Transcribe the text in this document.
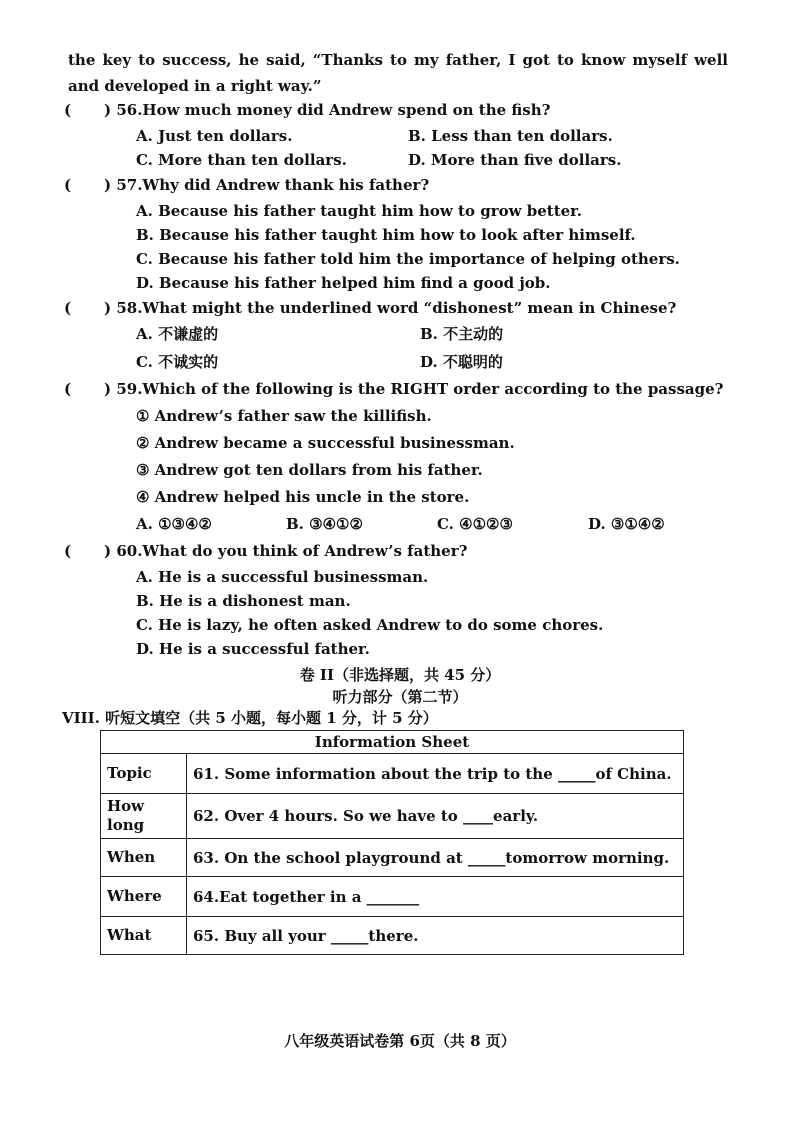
the key to success, he said, “Thanks to my father, I got to know myself well and developed in a right way.”
( ) 56.How much money did Andrew spend on the fish?
A. Just ten dollars.	B. Less than ten dollars.
C. More than ten dollars.	D. More than five dollars.
( ) 57.Why did Andrew thank his father?
A. Because his father taught him how to grow better.
B. Because his father taught him how to look after himself.
C. Because his father told him the importance of helping others.
D. Because his father helped him find a good job.
( ) 58.What might the underlined word “dishonest” mean in Chinese?
A. 不谦虚的	B. 不主动的
C. 不诚实的	D. 不聪明的
( ) 59.Which of the following is the RIGHT order according to the passage?
① Andrew’s father saw the killifish.
② Andrew became a successful businessman.
③ Andrew got ten dollars from his father.
④ Andrew helped his uncle in the store.
A. ①③④②	B. ③④①②	C. ④①②③	D. ③①④②
( ) 60.What do you think of Andrew’s father?
A. He is a successful businessman.
B. He is a dishonest man.
C. He is lazy, he often asked Andrew to do some chores.
D. He is a successful father.
卷 II（非选择题，共 45 分）
听力部分（第二节）
VIII. 听短文填空（共 5 小题，每小题 1 分，计 5 分）
Information Sheet	
Topic	61. Some information about the trip to the _____of China.
How long	62. Over 4 hours. So we have to ____early.
When	63. On the school playground at _____tomorrow morning.
Where	64.Eat together in a _______
What	65. Buy all your _____there.
八年级英语试卷第 6页（共 8 页）
